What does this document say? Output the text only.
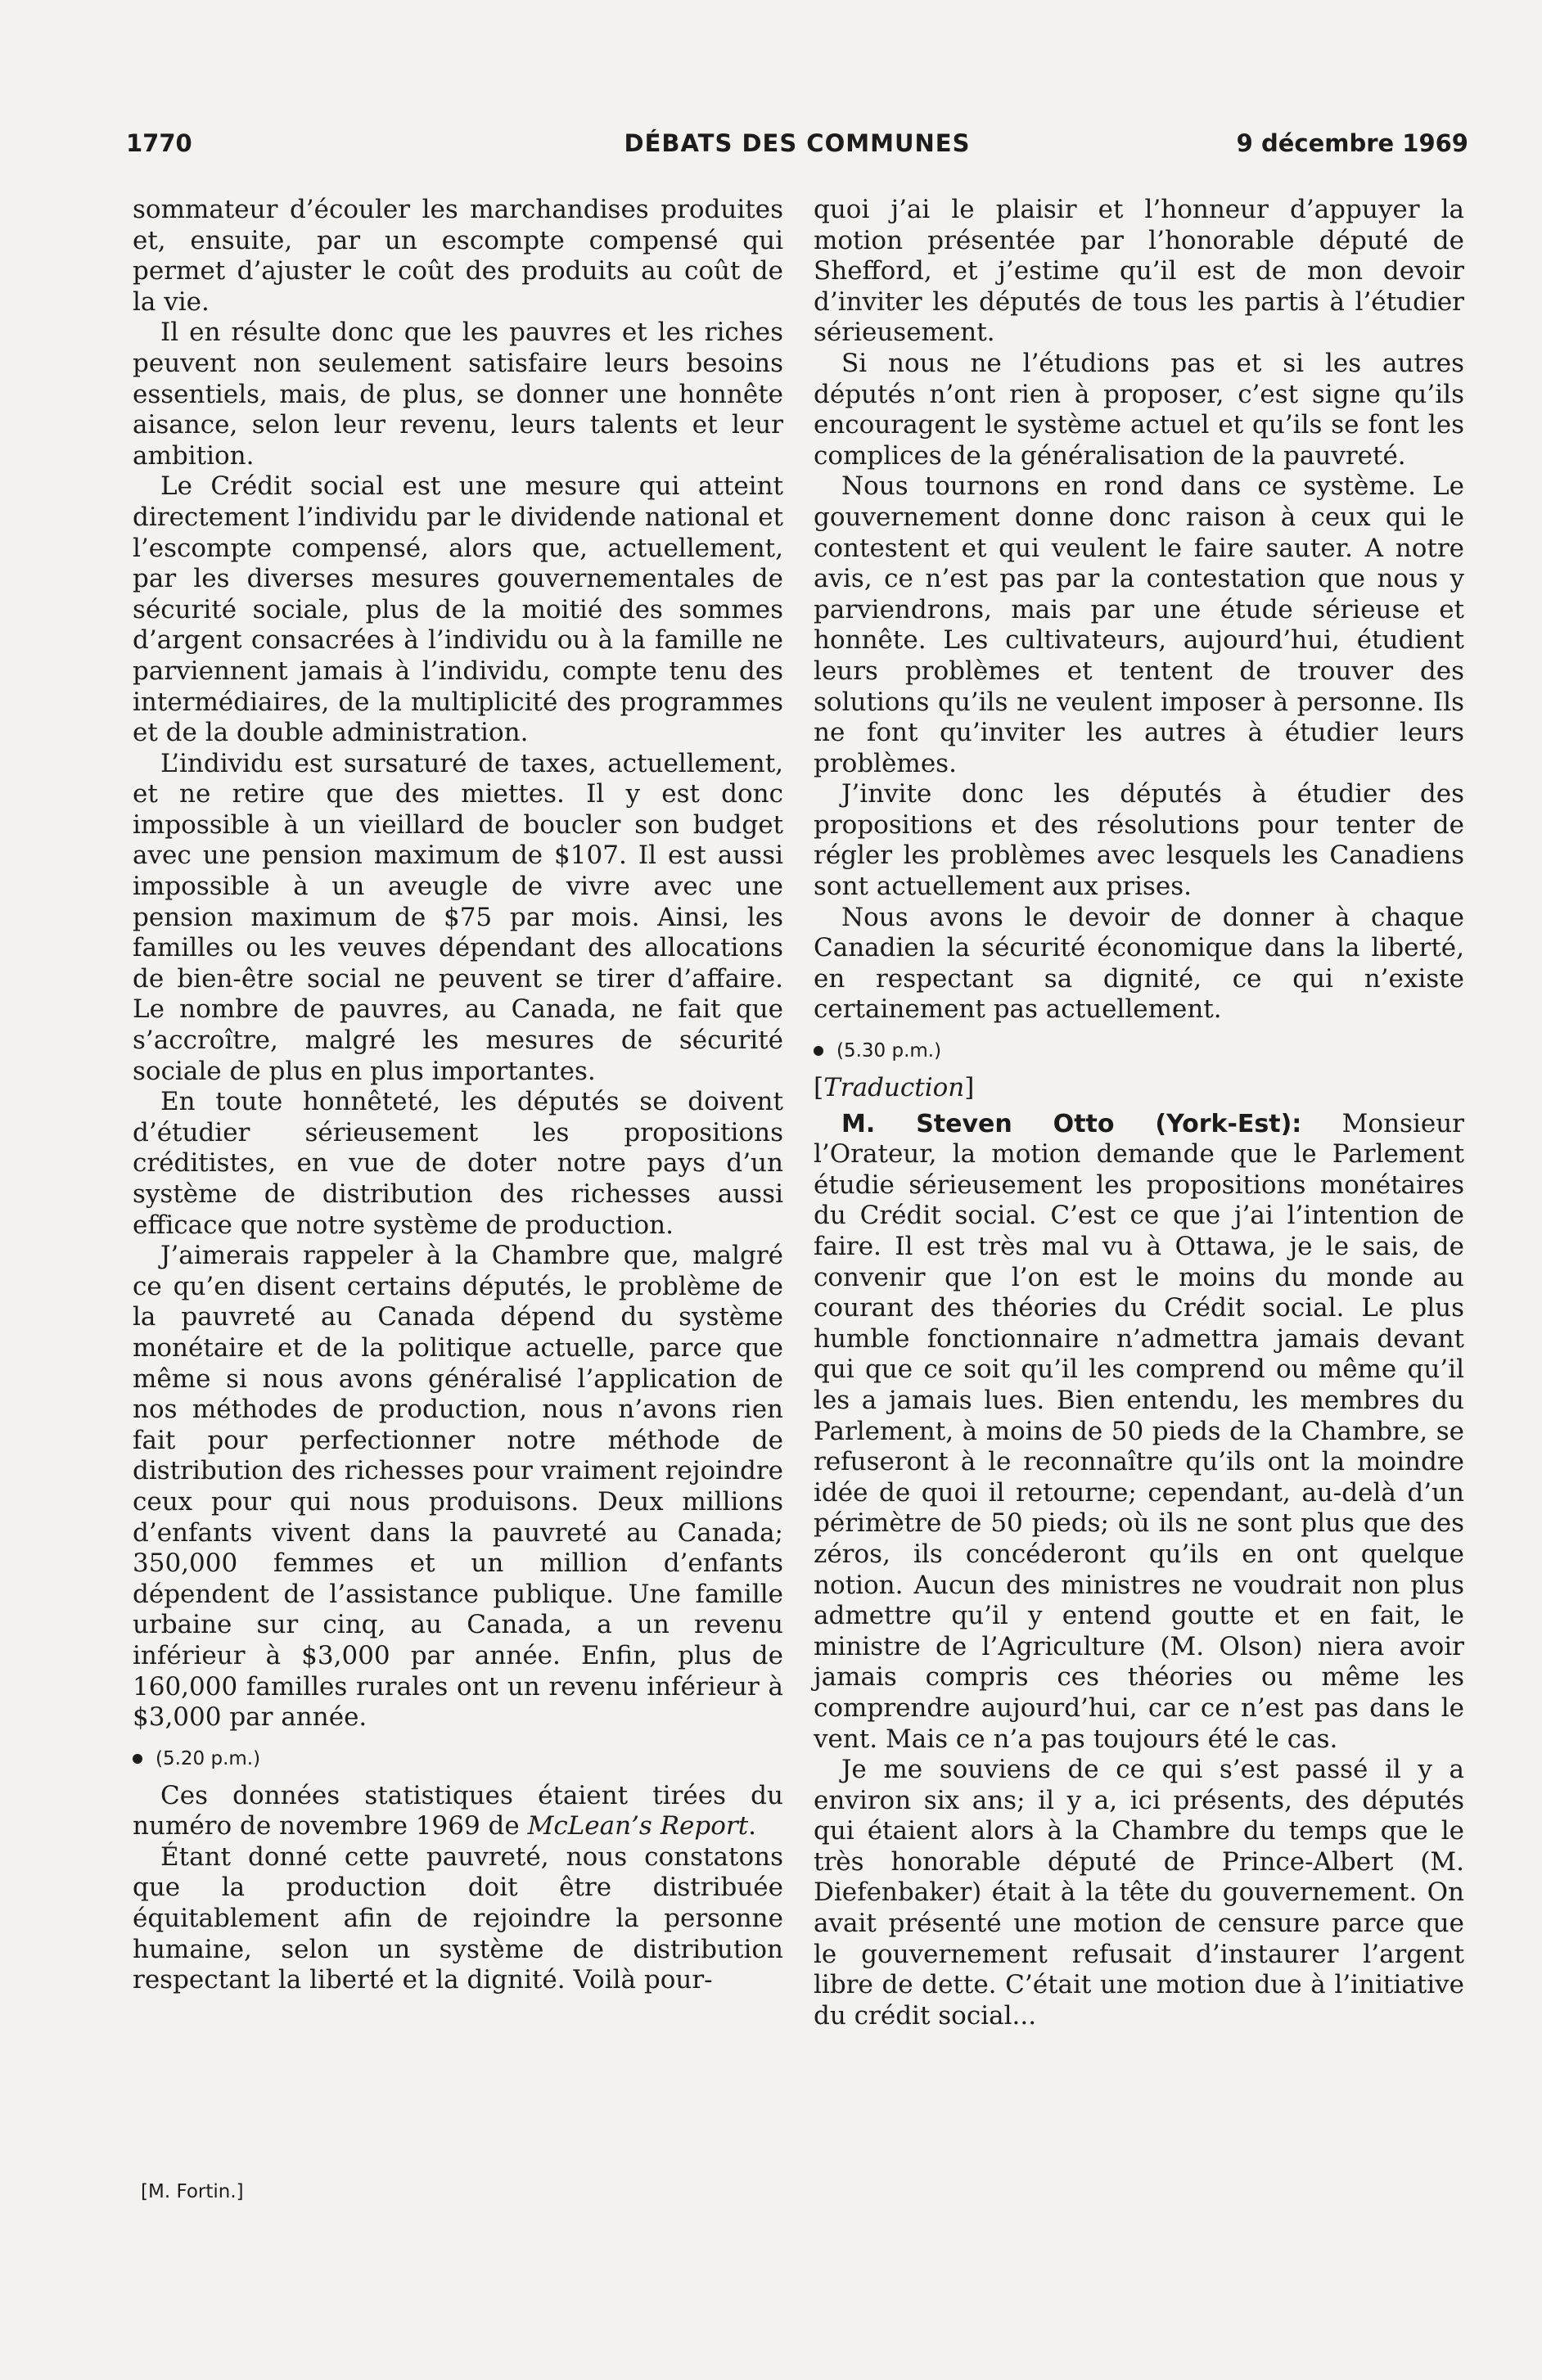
1770	DÉBATS DES COMMUNES	9 décembre 1969

sommateur d’écouler les marchandises produites et, ensuite, par un escompte compensé qui permet d’ajuster le coût des produits au coût de la vie.

Il en résulte donc que les pauvres et les riches peuvent non seulement satisfaire leurs besoins essentiels, mais, de plus, se donner une honnête aisance, selon leur revenu, leurs talents et leur ambition.

Le Crédit social est une mesure qui atteint directement l’individu par le dividende national et l’escompte compensé, alors que, actuellement, par les diverses mesures gouvernementales de sécurité sociale, plus de la moitié des sommes d’argent consacrées à l’individu ou à la famille ne parviennent jamais à l’individu, compte tenu des intermédiaires, de la multiplicité des programmes et de la double administration.

L’individu est sursaturé de taxes, actuellement, et ne retire que des miettes. Il y est donc impossible à un vieillard de boucler son budget avec une pension maximum de $107. Il est aussi impossible à un aveugle de vivre avec une pension maximum de $75 par mois. Ainsi, les familles ou les veuves dépendant des allocations de bien-être social ne peuvent se tirer d’affaire. Le nombre de pauvres, au Canada, ne fait que s’accroître, malgré les mesures de sécurité sociale de plus en plus importantes.

En toute honnêteté, les députés se doivent d’étudier sérieusement les propositions créditistes, en vue de doter notre pays d’un système de distribution des richesses aussi efficace que notre système de production.

J’aimerais rappeler à la Chambre que, malgré ce qu’en disent certains députés, le problème de la pauvreté au Canada dépend du système monétaire et de la politique actuelle, parce que même si nous avons généralisé l’application de nos méthodes de production, nous n’avons rien fait pour perfectionner notre méthode de distribution des richesses pour vraiment rejoindre ceux pour qui nous produisons. Deux millions d’enfants vivent dans la pauvreté au Canada; 350,000 femmes et un million d’enfants dépendent de l’assistance publique. Une famille urbaine sur cinq, au Canada, a un revenu inférieur à $3,000 par année. Enfin, plus de 160,000 familles rurales ont un revenu inférieur à $3,000 par année.

(5.20 p.m.)

Ces données statistiques étaient tirées du numéro de novembre 1969 de McLean’s Report.

Étant donné cette pauvreté, nous constatons que la production doit être distribuée équitablement afin de rejoindre la personne humaine, selon un système de distribution respectant la liberté et la dignité. Voilà pour-

quoi j’ai le plaisir et l’honneur d’appuyer la motion présentée par l’honorable député de Shefford, et j’estime qu’il est de mon devoir d’inviter les députés de tous les partis à l’étudier sérieusement.

Si nous ne l’étudions pas et si les autres députés n’ont rien à proposer, c’est signe qu’ils encouragent le système actuel et qu’ils se font les complices de la généralisation de la pauvreté.

Nous tournons en rond dans ce système. Le gouvernement donne donc raison à ceux qui le contestent et qui veulent le faire sauter. A notre avis, ce n’est pas par la contestation que nous y parviendrons, mais par une étude sérieuse et honnête. Les cultivateurs, aujourd’hui, étudient leurs problèmes et tentent de trouver des solutions qu’ils ne veulent imposer à personne. Ils ne font qu’inviter les autres à étudier leurs problèmes.

J’invite donc les députés à étudier des propositions et des résolutions pour tenter de régler les problèmes avec lesquels les Canadiens sont actuellement aux prises.

Nous avons le devoir de donner à chaque Canadien la sécurité économique dans la liberté, en respectant sa dignité, ce qui n’existe certainement pas actuellement.

(5.30 p.m.)
[Traduction]

M. Steven Otto (York-Est): Monsieur l’Orateur, la motion demande que le Parlement étudie sérieusement les propositions monétaires du Crédit social. C’est ce que j’ai l’intention de faire. Il est très mal vu à Ottawa, je le sais, de convenir que l’on est le moins du monde au courant des théories du Crédit social. Le plus humble fonctionnaire n’admettra jamais devant qui que ce soit qu’il les comprend ou même qu’il les a jamais lues. Bien entendu, les membres du Parlement, à moins de 50 pieds de la Chambre, se refuseront à le reconnaître qu’ils ont la moindre idée de quoi il retourne; cependant, au-delà d’un périmètre de 50 pieds; où ils ne sont plus que des zéros, ils concéderont qu’ils en ont quelque notion. Aucun des ministres ne voudrait non plus admettre qu’il y entend goutte et en fait, le ministre de l’Agriculture (M. Olson) niera avoir jamais compris ces théories ou même les comprendre aujourd’hui, car ce n’est pas dans le vent. Mais ce n’a pas toujours été le cas.

Je me souviens de ce qui s’est passé il y a environ six ans; il y a, ici présents, des députés qui étaient alors à la Chambre du temps que le très honorable député de Prince-Albert (M. Diefenbaker) était à la tête du gouvernement. On avait présenté une motion de censure parce que le gouvernement refusait d’instaurer l’argent libre de dette. C’était une motion due à l’initiative du crédit social...

[M. Fortin.]
